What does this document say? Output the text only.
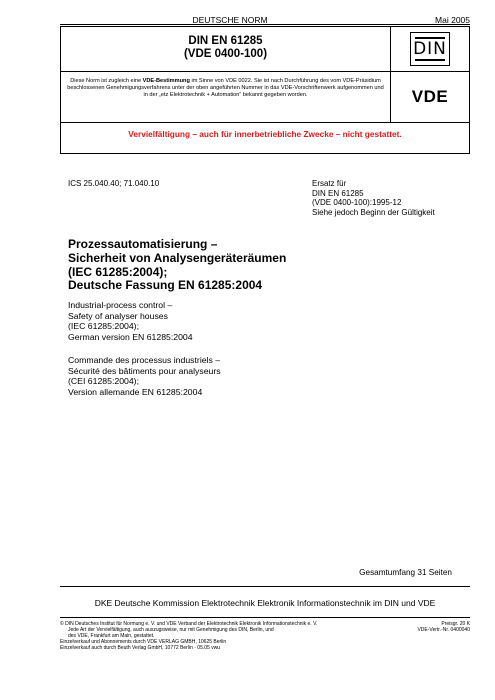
DEUTSCHE NORM	Mai 2005
DIN EN 61285
(VDE 0400-100)	DIN
Diese Norm ist zugleich eine VDE-Bestimmung im Sinne von VDE 0022. Sie ist nach Durchführung des vom VDE-Präsidium beschlossenen Genehmigungsverfahrens unter der oben angeführten Nummer in das VDE-Vorschriftenwerk aufgenommen und in der „etz Elektrotechnik + Automation“ bekannt gegeben worden.	VDE
Vervielfältigung – auch für innerbetriebliche Zwecke – nicht gestattet.
ICS 25.040.40; 71.040.10	Ersatz für
DIN EN 61285
(VDE 0400-100):1995-12
Siehe jedoch Beginn der Gültigkeit
Prozessautomatisierung –
Sicherheit von Analysengeräteräumen
(IEC 61285:2004);
Deutsche Fassung EN 61285:2004
Industrial-process control –
Safety of analyser houses
(IEC 61285:2004);
German version EN 61285:2004
Commande des processus industriels –
Sécurité des bâtiments pour analyseurs
(CEI 61285:2004);
Version allemande EN 61285:2004
Gesamtumfang 31 Seiten
DKE Deutsche Kommission Elektrotechnik Elektronik Informationstechnik im DIN und VDE
© DIN Deutsches Institut für Normung e. V. und VDE Verband der Elektrotechnik Elektronik Informationstechnik e. V.
Jede Art der Vervielfältigung, auch auszugsweise, nur mit Genehmigung des DIN, Berlin, und
des VDE, Frankfurt am Main, gestattet.
Einzelverkauf und Abonnements durch VDE VERLAG GMBH, 10625 Berlin
Einzelverkauf auch durch Beuth Verlag GmbH, 10772 Berlin · 05.05 vwu
Preisgr. 20 K
VDE-Vertr.-Nr. 0400040
